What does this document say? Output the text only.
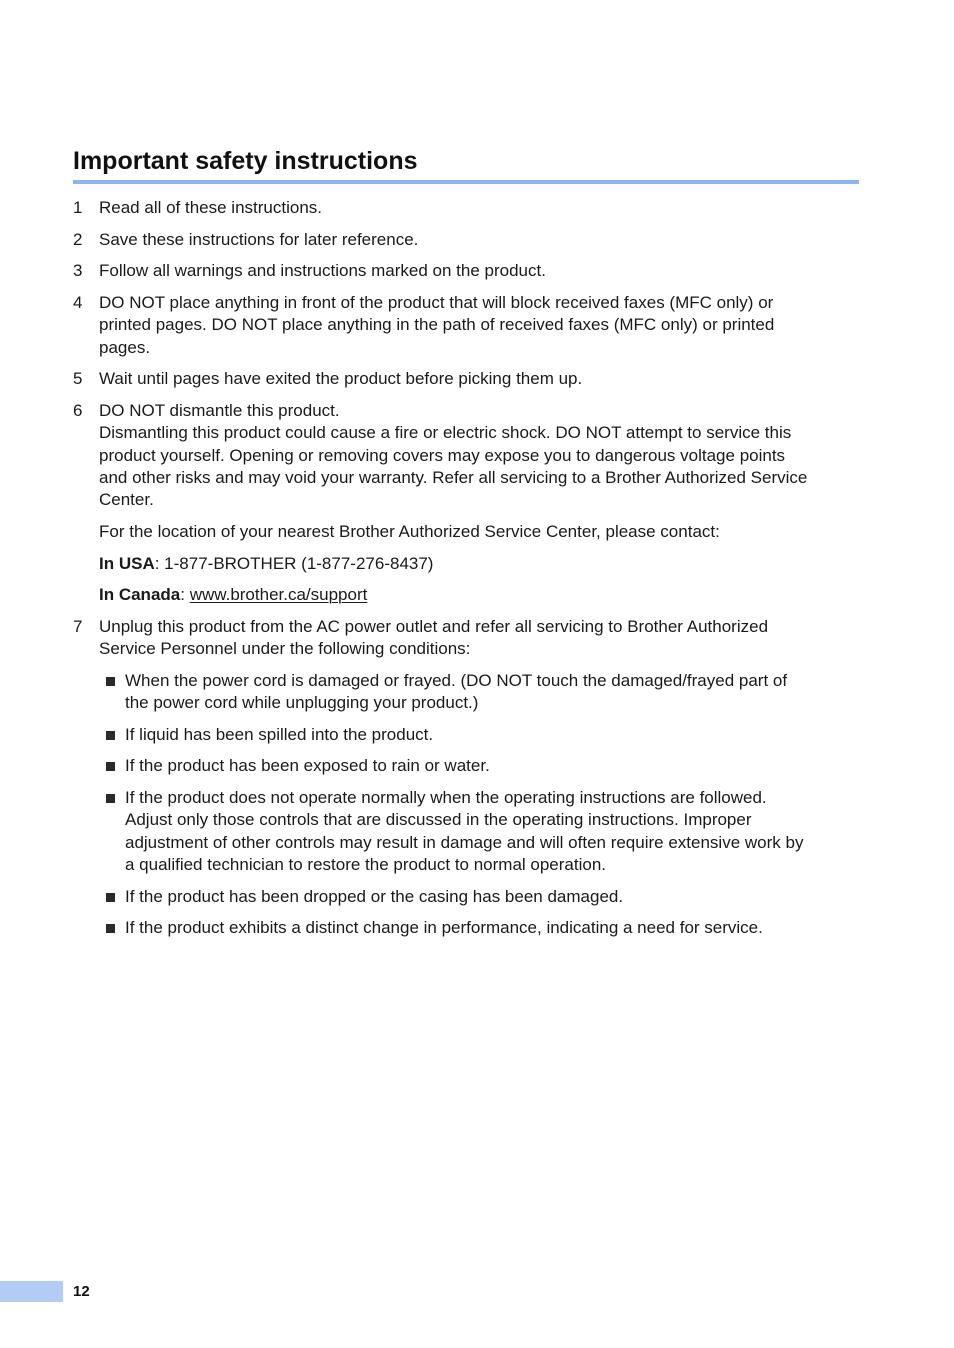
Important safety instructions
1 Read all of these instructions.
2 Save these instructions for later reference.
3 Follow all warnings and instructions marked on the product.
4 DO NOT place anything in front of the product that will block received faxes (MFC only) or
printed pages. DO NOT place anything in the path of received faxes (MFC only) or printed
pages.
5 Wait until pages have exited the product before picking them up.
6 DO NOT dismantle this product.
Dismantling this product could cause a fire or electric shock. DO NOT attempt to service this
product yourself. Opening or removing covers may expose you to dangerous voltage points
and other risks and may void your warranty. Refer all servicing to a Brother Authorized Service
Center.
For the location of your nearest Brother Authorized Service Center, please contact:
In USA: 1-877-BROTHER (1-877-276-8437)
In Canada: www.brother.ca/support
7 Unplug this product from the AC power outlet and refer all servicing to Brother Authorized
Service Personnel under the following conditions:
When the power cord is damaged or frayed. (DO NOT touch the damaged/frayed part of
the power cord while unplugging your product.)
If liquid has been spilled into the product.
If the product has been exposed to rain or water.
If the product does not operate normally when the operating instructions are followed.
Adjust only those controls that are discussed in the operating instructions. Improper
adjustment of other controls may result in damage and will often require extensive work by
a qualified technician to restore the product to normal operation.
If the product has been dropped or the casing has been damaged.
If the product exhibits a distinct change in performance, indicating a need for service.
12
